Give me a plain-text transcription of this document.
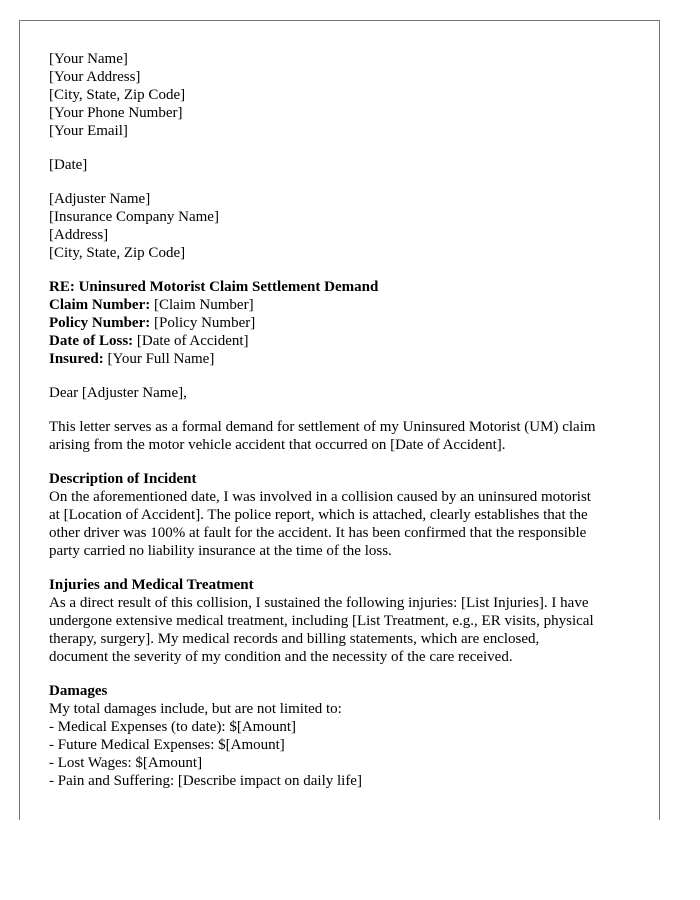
[Your Name]
[Your Address]
[City, State, Zip Code]
[Your Phone Number]
[Your Email]
[Date]
[Adjuster Name]
[Insurance Company Name]
[Address]
[City, State, Zip Code]
RE: Uninsured Motorist Claim Settlement Demand
Claim Number: [Claim Number]
Policy Number: [Policy Number]
Date of Loss: [Date of Accident]
Insured: [Your Full Name]
Dear [Adjuster Name],
This letter serves as a formal demand for settlement of my Uninsured Motorist (UM) claim
arising from the motor vehicle accident that occurred on [Date of Accident].
Description of Incident
On the aforementioned date, I was involved in a collision caused by an uninsured motorist
at [Location of Accident]. The police report, which is attached, clearly establishes that the
other driver was 100% at fault for the accident. It has been confirmed that the responsible
party carried no liability insurance at the time of the loss.
Injuries and Medical Treatment
As a direct result of this collision, I sustained the following injuries: [List Injuries]. I have
undergone extensive medical treatment, including [List Treatment, e.g., ER visits, physical
therapy, surgery]. My medical records and billing statements, which are enclosed,
document the severity of my condition and the necessity of the care received.
Damages
My total damages include, but are not limited to:
- Medical Expenses (to date): $[Amount]
- Future Medical Expenses: $[Amount]
- Lost Wages: $[Amount]
- Pain and Suffering: [Describe impact on daily life]
